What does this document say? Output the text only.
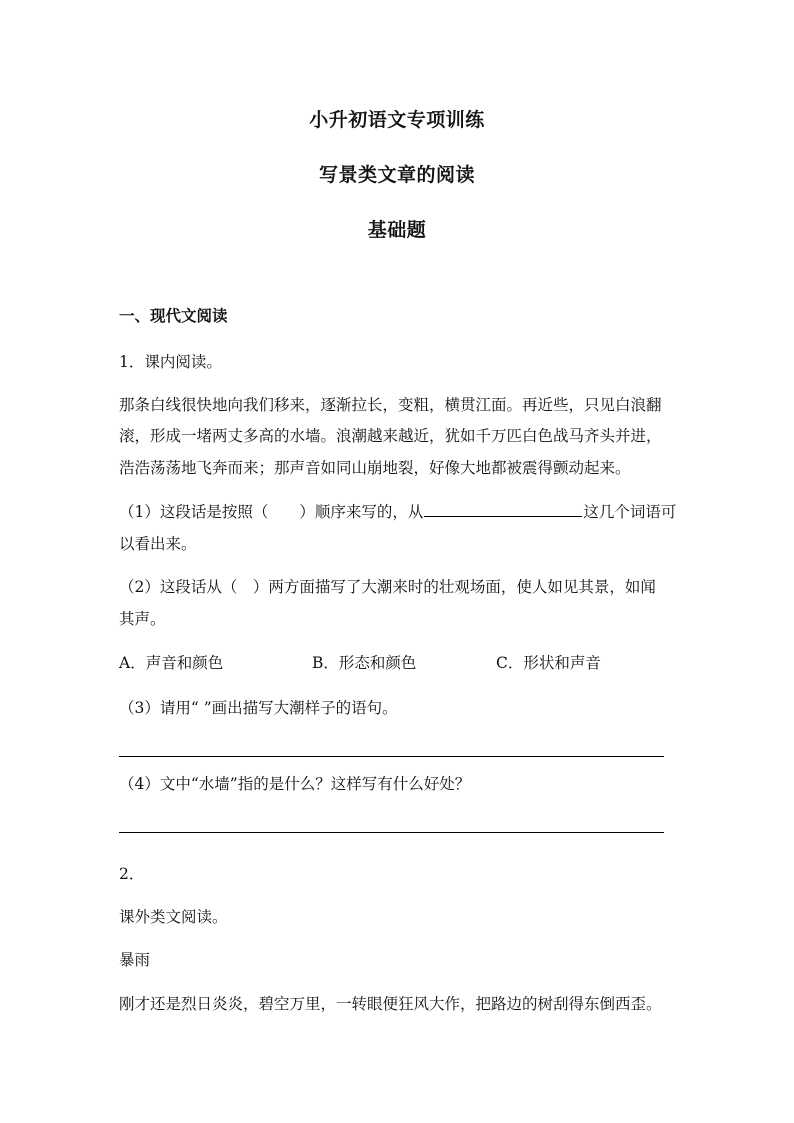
小升初语文专项训练
写景类文章的阅读
基础题
一、现代文阅读
1．课内阅读。
那条白线很快地向我们移来，逐渐拉长，变粗，横贯江面。再近些，只见白浪翻
滚，形成一堵两丈多高的水墙。浪潮越来越近，犹如千万匹白色战马齐头并进，
浩浩荡荡地飞奔而来；那声音如同山崩地裂，好像大地都被震得颤动起来。
（1）这段话是按照（　　）顺序来写的，从	这几个词语可
以看出来。
（2）这段话从（　）两方面描写了大潮来时的壮观场面，使人如见其景，如闻
其声。
A．声音和颜色	B．形态和颜色	C．形状和声音
（3）请用“ ”画出描写大潮样子的语句。
（4）文中“水墙”指的是什么？这样写有什么好处？
2．
课外类文阅读。
暴雨
刚才还是烈日炎炎，碧空万里，一转眼便狂风大作，把路边的树刮得东倒西歪。
